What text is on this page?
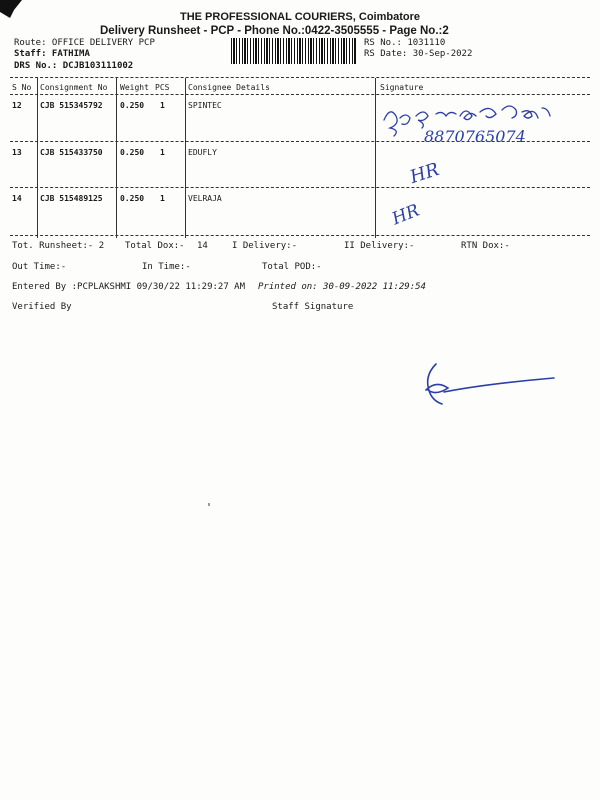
THE PROFESSIONAL COURIERS, Coimbatore
Delivery Runsheet - PCP - Phone No.:0422-3505555 - Page No.:2
Route: OFFICE DELIVERY PCP
Staff: FATHIMA
DRS No.: DCJB103111002
RS No.: 1031110
RS Date: 30-Sep-2022
S No Consignment No Weight PCS Consignee Details	Signature
12 CJB 515345792 0.250 1	SPINTEC
13 CJB 515433750 0.250 1	EDUFLY
14 CJB 515489125 0.250 1	VELRAJA
8870765074
HR
HR
Tot. Runsheet:- 2 Total Dox:- 14	I Delivery:-	II Delivery:-	RTN Dox:-
Out Time:-	In Time:-	Total POD:-
Entered By :PCPLAKSHMI 09/30/22 11:29:27 AM Printed on: 30-09-2022 11:29:54
Verified By	Staff Signature
